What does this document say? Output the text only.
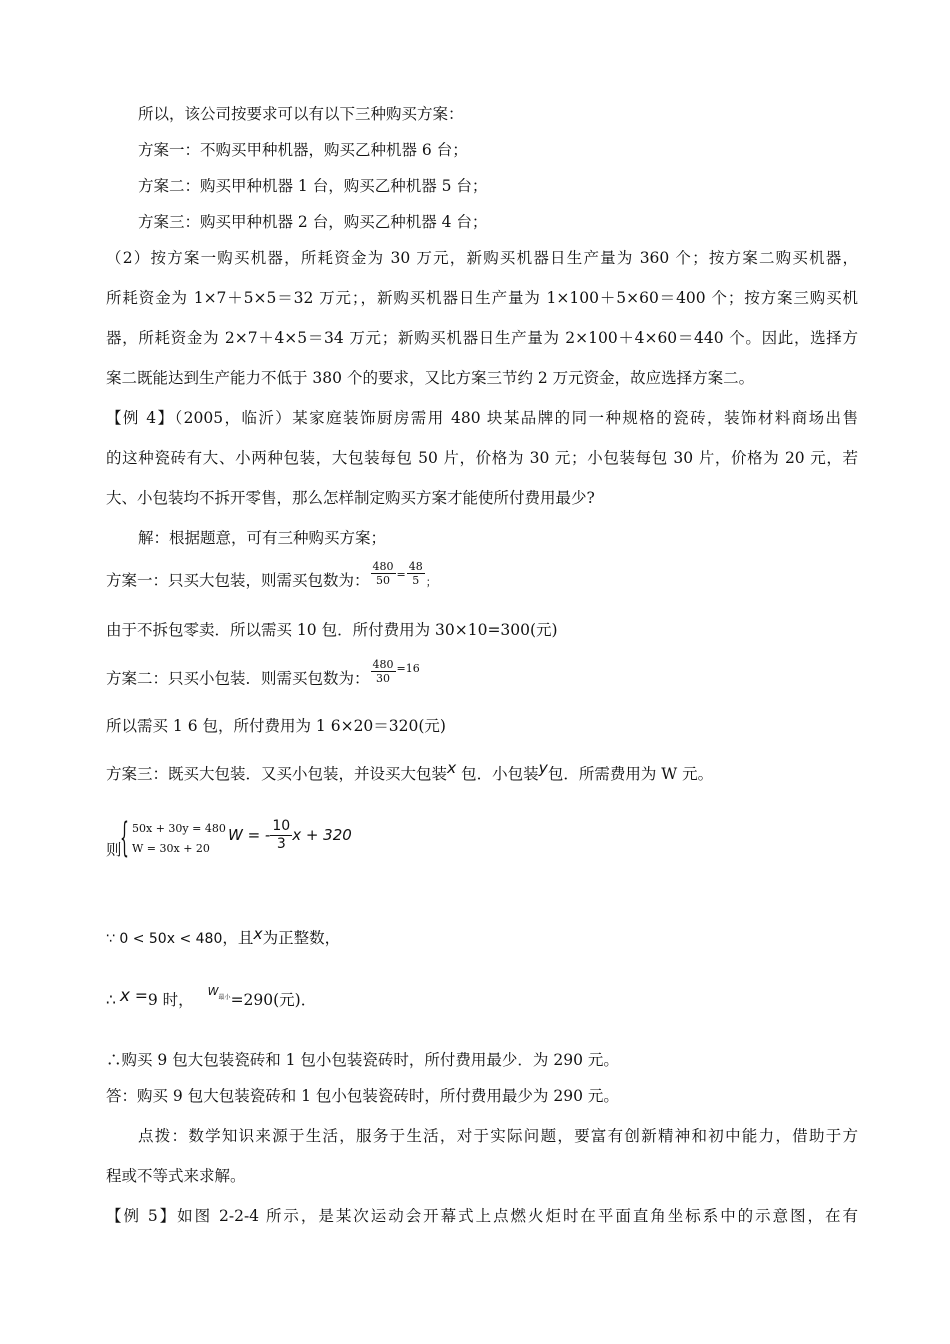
所以，该公司按要求可以有以下三种购买方案：
方案一：不购买甲种机器，购买乙种机器 6 台；
方案二：购买甲种机器 1 台，购买乙种机器 5 台；
方案三：购买甲种机器 2 台，购买乙种机器 4 台；
（2）按方案一购买机器，所耗资金为 30 万元，新购买机器日生产量为 360 个；按方案二购买机器，
所耗资金为 1×7＋5×5＝32 万元；，新购买机器日生产量为 1×100＋5×60＝400 个；按方案三购买机
器，所耗资金为 2×7＋4×5＝34 万元；新购买机器日生产量为 2×100＋4×60＝440 个。因此，选择方
案二既能达到生产能力不低于 380 个的要求，又比方案三节约 2 万元资金，故应选择方案二。
【例 4】（2005，临沂）某家庭装饰厨房需用 480 块某品牌的同一种规格的瓷砖，装饰材料商场出售
的这种瓷砖有大、小两种包装，大包装每包 50 片，价格为 30 元；小包装每包 30 片，价格为 20 元，若
大、小包装均不拆开零售，那么怎样制定购买方案才能使所付费用最少?
解：根据题意，可有三种购买方案；
方案一：只买大包装，则需买包数为： $\frac{480}{50} ^= \frac{48}{5}$ ；
由于不拆包零卖．所以需买 10 包．所付费用为 30×10=300(元)
方案二：只买小包装．则需买包数为： $\frac{480}{30} ^{=16}$
所以需买 1 6 包，所付费用为 1 6×20＝320(元)
方案三：既买大包装．又买小包装，并设买大包装x 包．小包装y包．所需费用为 W 元。
则
{ 50x + 30y = 480
W = 30x + 20
W = - $\frac{10}{3}x + 320$
∵ 0 < 50x < 480，且x为正整数，
∴ x =9 时， $^{W最小}$=290(元)．
∴购买 9 包大包装瓷砖和 1 包小包装瓷砖时，所付费用最少．为 290 元。
答：购买 9 包大包装瓷砖和 1 包小包装瓷砖时，所付费用最少为 290 元。
点拨：数学知识来源于生活，服务于生活，对于实际问题，要富有创新精神和初中能力，借助于方
程或不等式来求解。
【例 5】如图 2-2-4 所示，是某次运动会开幕式上点燃火炬时在平面直角坐标系中的示意图，在有
